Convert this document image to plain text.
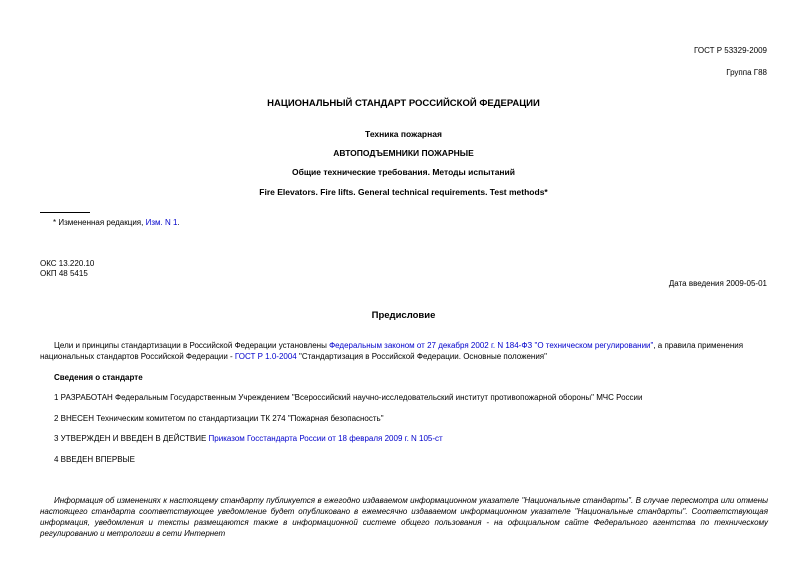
ГОСТ Р 53329-2009
Группа Г88
НАЦИОНАЛЬНЫЙ СТАНДАРТ РОССИЙСКОЙ ФЕДЕРАЦИИ
Техника пожарная
АВТОПОДЪЕМНИКИ ПОЖАРНЫЕ
Общие технические требования. Методы испытаний
Fire Elevators. Fire lifts. General technical requirements. Test methods*
* Измененная редакция, Изм. N 1.
ОКС 13.220.10
ОКП 48 5415
Дата введения 2009-05-01
Предисловие
Цели и принципы стандартизации в Российской Федерации установлены Федеральным законом от 27 декабря 2002 г. N 184-ФЗ "О техническом регулировании", а правила применения национальных стандартов Российской Федерации - ГОСТ Р 1.0-2004 "Стандартизация в Российской Федерации. Основные положения"
Сведения о стандарте
1 РАЗРАБОТАН Федеральным Государственным Учреждением "Всероссийский научно-исследовательский институт противопожарной обороны" МЧС России
2 ВНЕСЕН Техническим комитетом по стандартизации ТК 274 "Пожарная безопасность"
3 УТВЕРЖДЕН И ВВЕДЕН В ДЕЙСТВИЕ Приказом Госстандарта России от 18 февраля 2009 г. N 105-ст
4 ВВЕДЕН ВПЕРВЫЕ
Информация об изменениях к настоящему стандарту публикуется в ежегодно издаваемом информационном указателе "Национальные стандарты". В случае пересмотра или отмены настоящего стандарта соответствующее уведомление будет опубликовано в ежемесячно издаваемом информационном указателе "Национальные стандарты". Соответствующая информация, уведомления и тексты размещаются также в информационной системе общего пользования - на официальном сайте Федерального агентства по техническому регулированию и метрологии в сети Интернет
